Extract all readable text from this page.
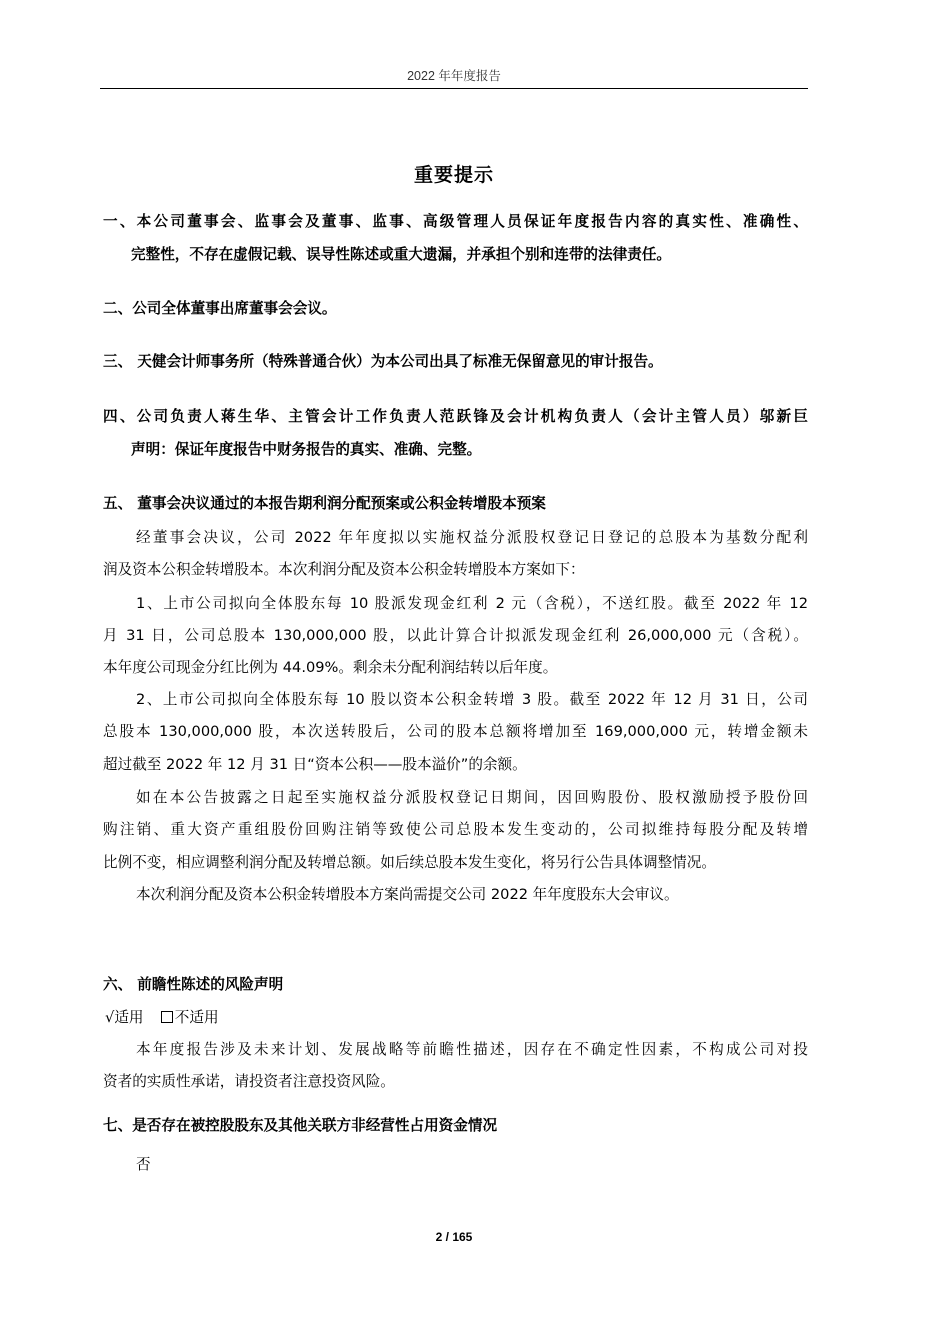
2022 年年度报告
重要提示
一、本公司董事会、监事会及董事、监事、高级管理人员保证年度报告内容的真实性、准确性、
完整性，不存在虚假记载、误导性陈述或重大遗漏，并承担个别和连带的法律责任。
二、公司全体董事出席董事会会议。
三、 天健会计师事务所（特殊普通合伙）为本公司出具了标准无保留意见的审计报告。
四、公司负责人蒋生华、主管会计工作负责人范跃锋及会计机构负责人（会计主管人员）邬新巨
声明：保证年度报告中财务报告的真实、准确、完整。
五、 董事会决议通过的本报告期利润分配预案或公积金转增股本预案
经董事会决议，公司 2022 年年度拟以实施权益分派股权登记日登记的总股本为基数分配利
润及资本公积金转增股本。本次利润分配及资本公积金转增股本方案如下：
1、上市公司拟向全体股东每 10 股派发现金红利 2 元（含税），不送红股。截至 2022 年 12
月 31 日，公司总股本 130,000,000 股，以此计算合计拟派发现金红利 26,000,000 元（含税）。
本年度公司现金分红比例为 44.09%。剩余未分配利润结转以后年度。
2、上市公司拟向全体股东每 10 股以资本公积金转增 3 股。截至 2022 年 12 月 31 日，公司
总股本 130,000,000 股，本次送转股后，公司的股本总额将增加至 169,000,000 元，转增金额未
超过截至 2022 年 12 月 31 日“资本公积——股本溢价”的余额。
如在本公告披露之日起至实施权益分派股权登记日期间，因回购股份、股权激励授予股份回
购注销、重大资产重组股份回购注销等致使公司总股本发生变动的，公司拟维持每股分配及转增
比例不变，相应调整利润分配及转增总额。如后续总股本发生变化，将另行公告具体调整情况。
本次利润分配及资本公积金转增股本方案尚需提交公司 2022 年年度股东大会审议。
六、 前瞻性陈述的风险声明
√适用 不适用
本年度报告涉及未来计划、发展战略等前瞻性描述，因存在不确定性因素，不构成公司对投
资者的实质性承诺，请投资者注意投资风险。
七、是否存在被控股股东及其他关联方非经营性占用资金情况
否
2 / 165
